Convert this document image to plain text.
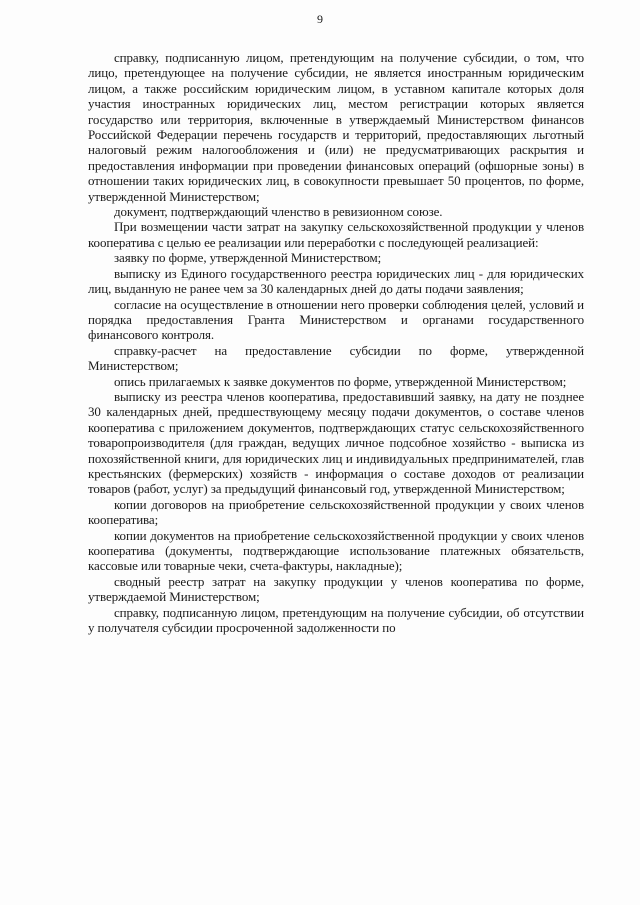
9

справку, подписанную лицом, претендующим на получение субсидии, о том, что лицо, претендующее на получение субсидии, не является иностранным юридическим лицом, а также российским юридическим лицом, в уставном капитале которых доля участия иностранных юридических лиц, местом регистрации которых является государство или территория, включенные в утверждаемый Министерством финансов Российской Федерации перечень государств и территорий, предоставляющих льготный налоговый режим налогообложения и (или) не предусматривающих раскрытия и предоставления информации при проведении финансовых операций (офшорные зоны) в отношении таких юридических лиц, в совокупности превышает 50 процентов, по форме, утвержденной Министерством;

документ, подтверждающий членство в ревизионном союзе.

При возмещении части затрат на закупку сельскохозяйственной продукции у членов кооператива с целью ее реализации или переработки с последующей реализацией:

заявку по форме, утвержденной Министерством;

выписку из Единого государственного реестра юридических лиц - для юридических лиц, выданную не ранее чем за 30 календарных дней до даты подачи заявления;

согласие на осуществление в отношении него проверки соблюдения целей, условий и порядка предоставления Гранта Министерством и органами государственного финансового контроля.

справку-расчет на предоставление субсидии по форме, утвержденной Министерством;

опись прилагаемых к заявке документов по форме, утвержденной Министерством;

выписку из реестра членов кооператива, предоставивший заявку, на дату не позднее 30 календарных дней, предшествующему месяцу подачи документов, о составе членов кооператива с приложением документов, подтверждающих статус сельскохозяйственного товаропроизводителя (для граждан, ведущих личное подсобное хозяйство - выписка из похозяйственной книги, для юридических лиц и индивидуальных предпринимателей, глав крестьянских (фермерских) хозяйств - информация о составе доходов от реализации товаров (работ, услуг) за предыдущий финансовый год, утвержденной Министерством;

копии договоров на приобретение сельскохозяйственной продукции у своих членов кооператива;

копии документов на приобретение сельскохозяйственной продукции у своих членов кооператива (документы, подтверждающие использование платежных обязательств, кассовые или товарные чеки, счета-фактуры, накладные);

сводный реестр затрат на закупку продукции у членов кооператива по форме, утверждаемой Министерством;

справку, подписанную лицом, претендующим на получение субсидии, об отсутствии у получателя субсидии просроченной задолженности по
